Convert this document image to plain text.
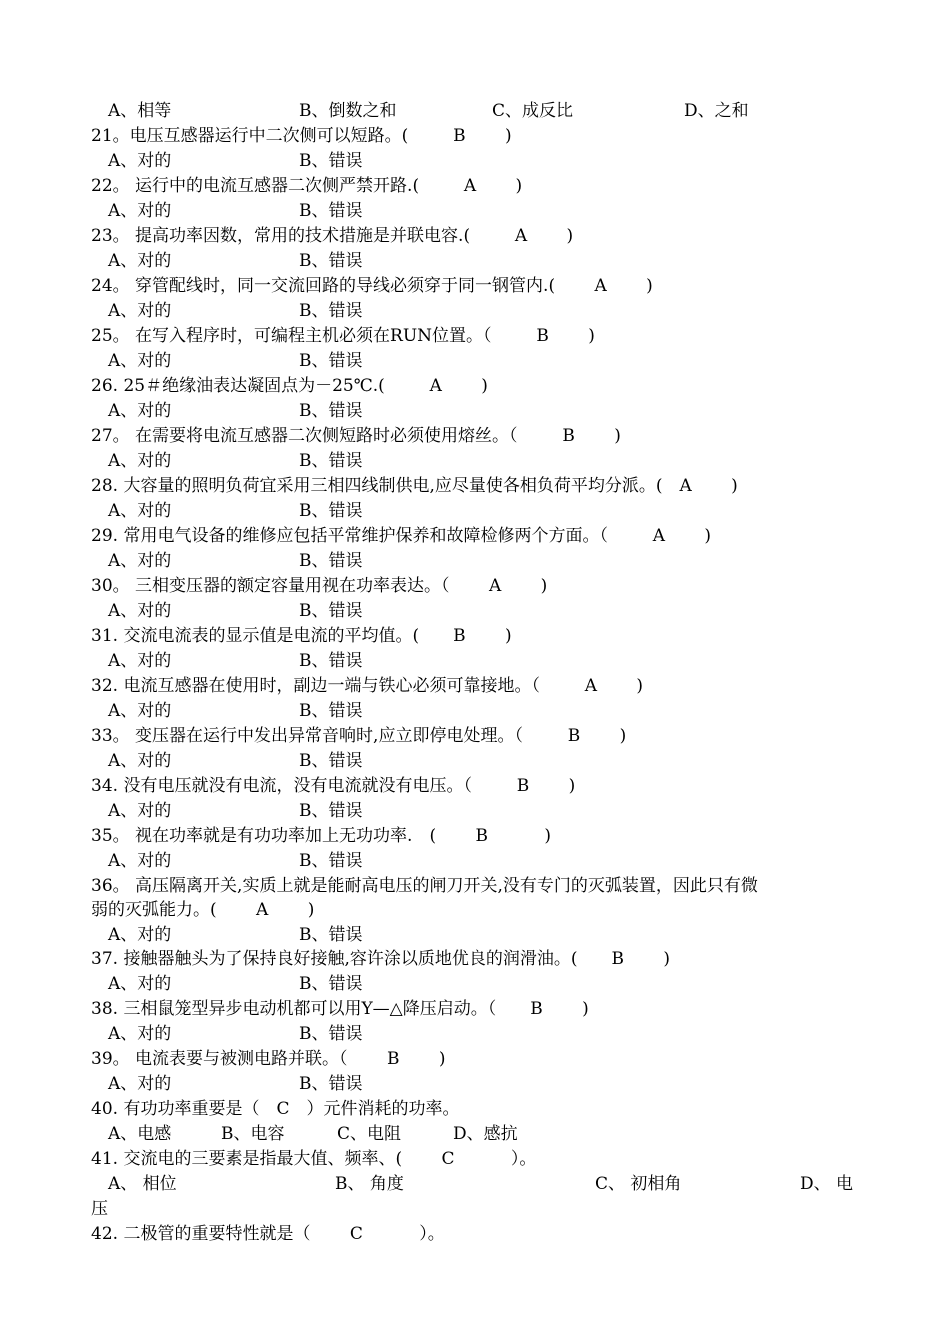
A、相等	B、倒数之和	C、成反比	D、之和
21。电压互感器运行中二次侧可以短路。(　　  B　　 )
A、对的	B、错误
22。 运行中的电流互感器二次侧严禁开路.(　　  A　　 )
A、对的	B、错误
23。 提高功率因数，常用的技术措施是并联电容.(　　  A　　 )
A、对的	B、错误
24。 穿管配线时，同一交流回路的导线必须穿于同一钢管内.(　　 A　　 )
A、对的	B、错误
25。 在写入程序时，可编程主机必须在RUN位置。（　　  B　　 )
A、对的	B、错误
26. 25＃绝缘油表达凝固点为－25℃.(　　  A　　 )
A、对的	B、错误
27。 在需要将电流互感器二次侧短路时必须使用熔丝。（　　  B　　 )
A、对的	B、错误
28. 大容量的照明负荷宜采用三相四线制供电,应尽量使各相负荷平均分派。(　A　　 )
A、对的	B、错误
29. 常用电气设备的维修应包括平常维护保养和故障检修两个方面。（　　  A　　 )
A、对的	B、错误
30。 三相变压器的额定容量用视在功率表达。（　　 A　　 )
A、对的	B、错误
31. 交流电流表的显示值是电流的平均值。(　　B　　 )
A、对的	B、错误
32. 电流互感器在使用时，副边一端与铁心必须可靠接地。（　　  A　　 )
A、对的	B、错误
33。 变压器在运行中发出异常音响时,应立即停电处理。（　　  B　　 )
A、对的	B、错误
34. 没有电压就没有电流，没有电流就没有电压。（　　  B　　 )
A、对的	B、错误
35。 视在功率就是有功功率加上无功功率.　(　　 B　　　 )
A、对的	B、错误
36。 高压隔离开关,实质上就是能耐高电压的闸刀开关,没有专门的灭弧装置，因此只有微
弱的灭弧能力。(　　 A　　 )
A、对的	B、错误
37. 接触器触头为了保持良好接触,容许涂以质地优良的润滑油。(　　B　　 )
A、对的	B、错误
38. 三相鼠笼型异步电动机都可以用Y—△降压启动。（　　B　　 )
A、对的	B、错误
39。 电流表要与被测电路并联。（　　 B　　 )
A、对的	B、错误
40. 有功功率重要是（　C　）元件消耗的功率。
A、电感	B、电容	C、电阻	D、感抗
41. 交流电的三要素是指最大值、频率、(　　 C　　　 ）。
A、 相位	B、 角度	C、 初相角	D、 电
压
42. 二极管的重要特性就是（　　 C　　　 ）。
